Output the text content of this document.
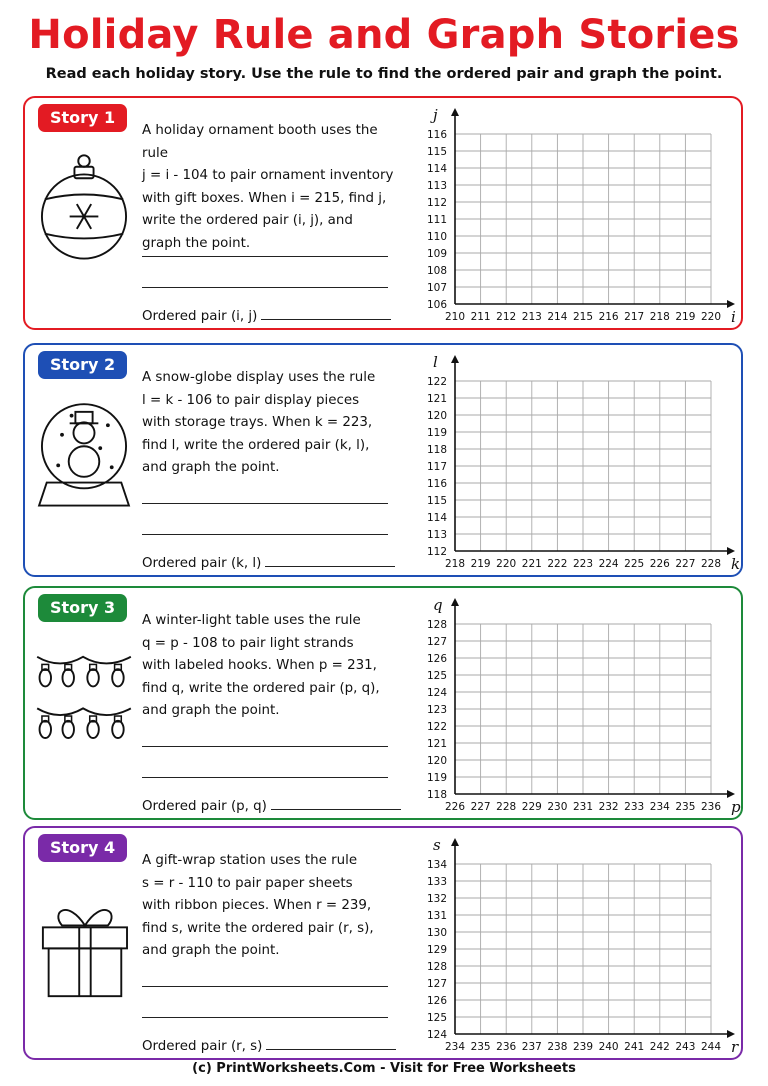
Holiday Rule and Graph Stories
Read each holiday story. Use the rule to find the ordered pair and graph the point.
Story 1
A holiday ornament booth uses the rule
j = i - 104 to pair ornament inventory
with gift boxes. When i = 215, find j,
write the ordered pair (i, j), and
graph the point.
Ordered pair (i, j)	210 211 212 213 214 215 216 217 218 219 220
106
107
108
109
110
111
112
113
114
115
116
i
j
Story 2
A snow-globe display uses the rule
l = k - 106 to pair display pieces
with storage trays. When k = 223,
find l, write the ordered pair (k, l),
and graph the point.
Ordered pair (k, l)	218 219 220 221 222 223 224 225 226 227 228
112
113
114
115
116
117
118
119
120
121
122
k
l
Story 3
A winter-light table uses the rule
q = p - 108 to pair light strands
with labeled hooks. When p = 231,
find q, write the ordered pair (p, q),
and graph the point.
Ordered pair (p, q)	226 227 228 229 230 231 232 233 234 235 236
118
119
120
121
122
123
124
125
126
127
128
p
q
Story 4
A gift-wrap station uses the rule
s = r - 110 to pair paper sheets
with ribbon pieces. When r = 239,
find s, write the ordered pair (r, s),
and graph the point.
Ordered pair (r, s)	234 235 236 237 238 239 240 241 242 243 244
124
125
126
127
128
129
130
131
132
133
134
r
s
(c) PrintWorksheets.Com - Visit for Free Worksheets
